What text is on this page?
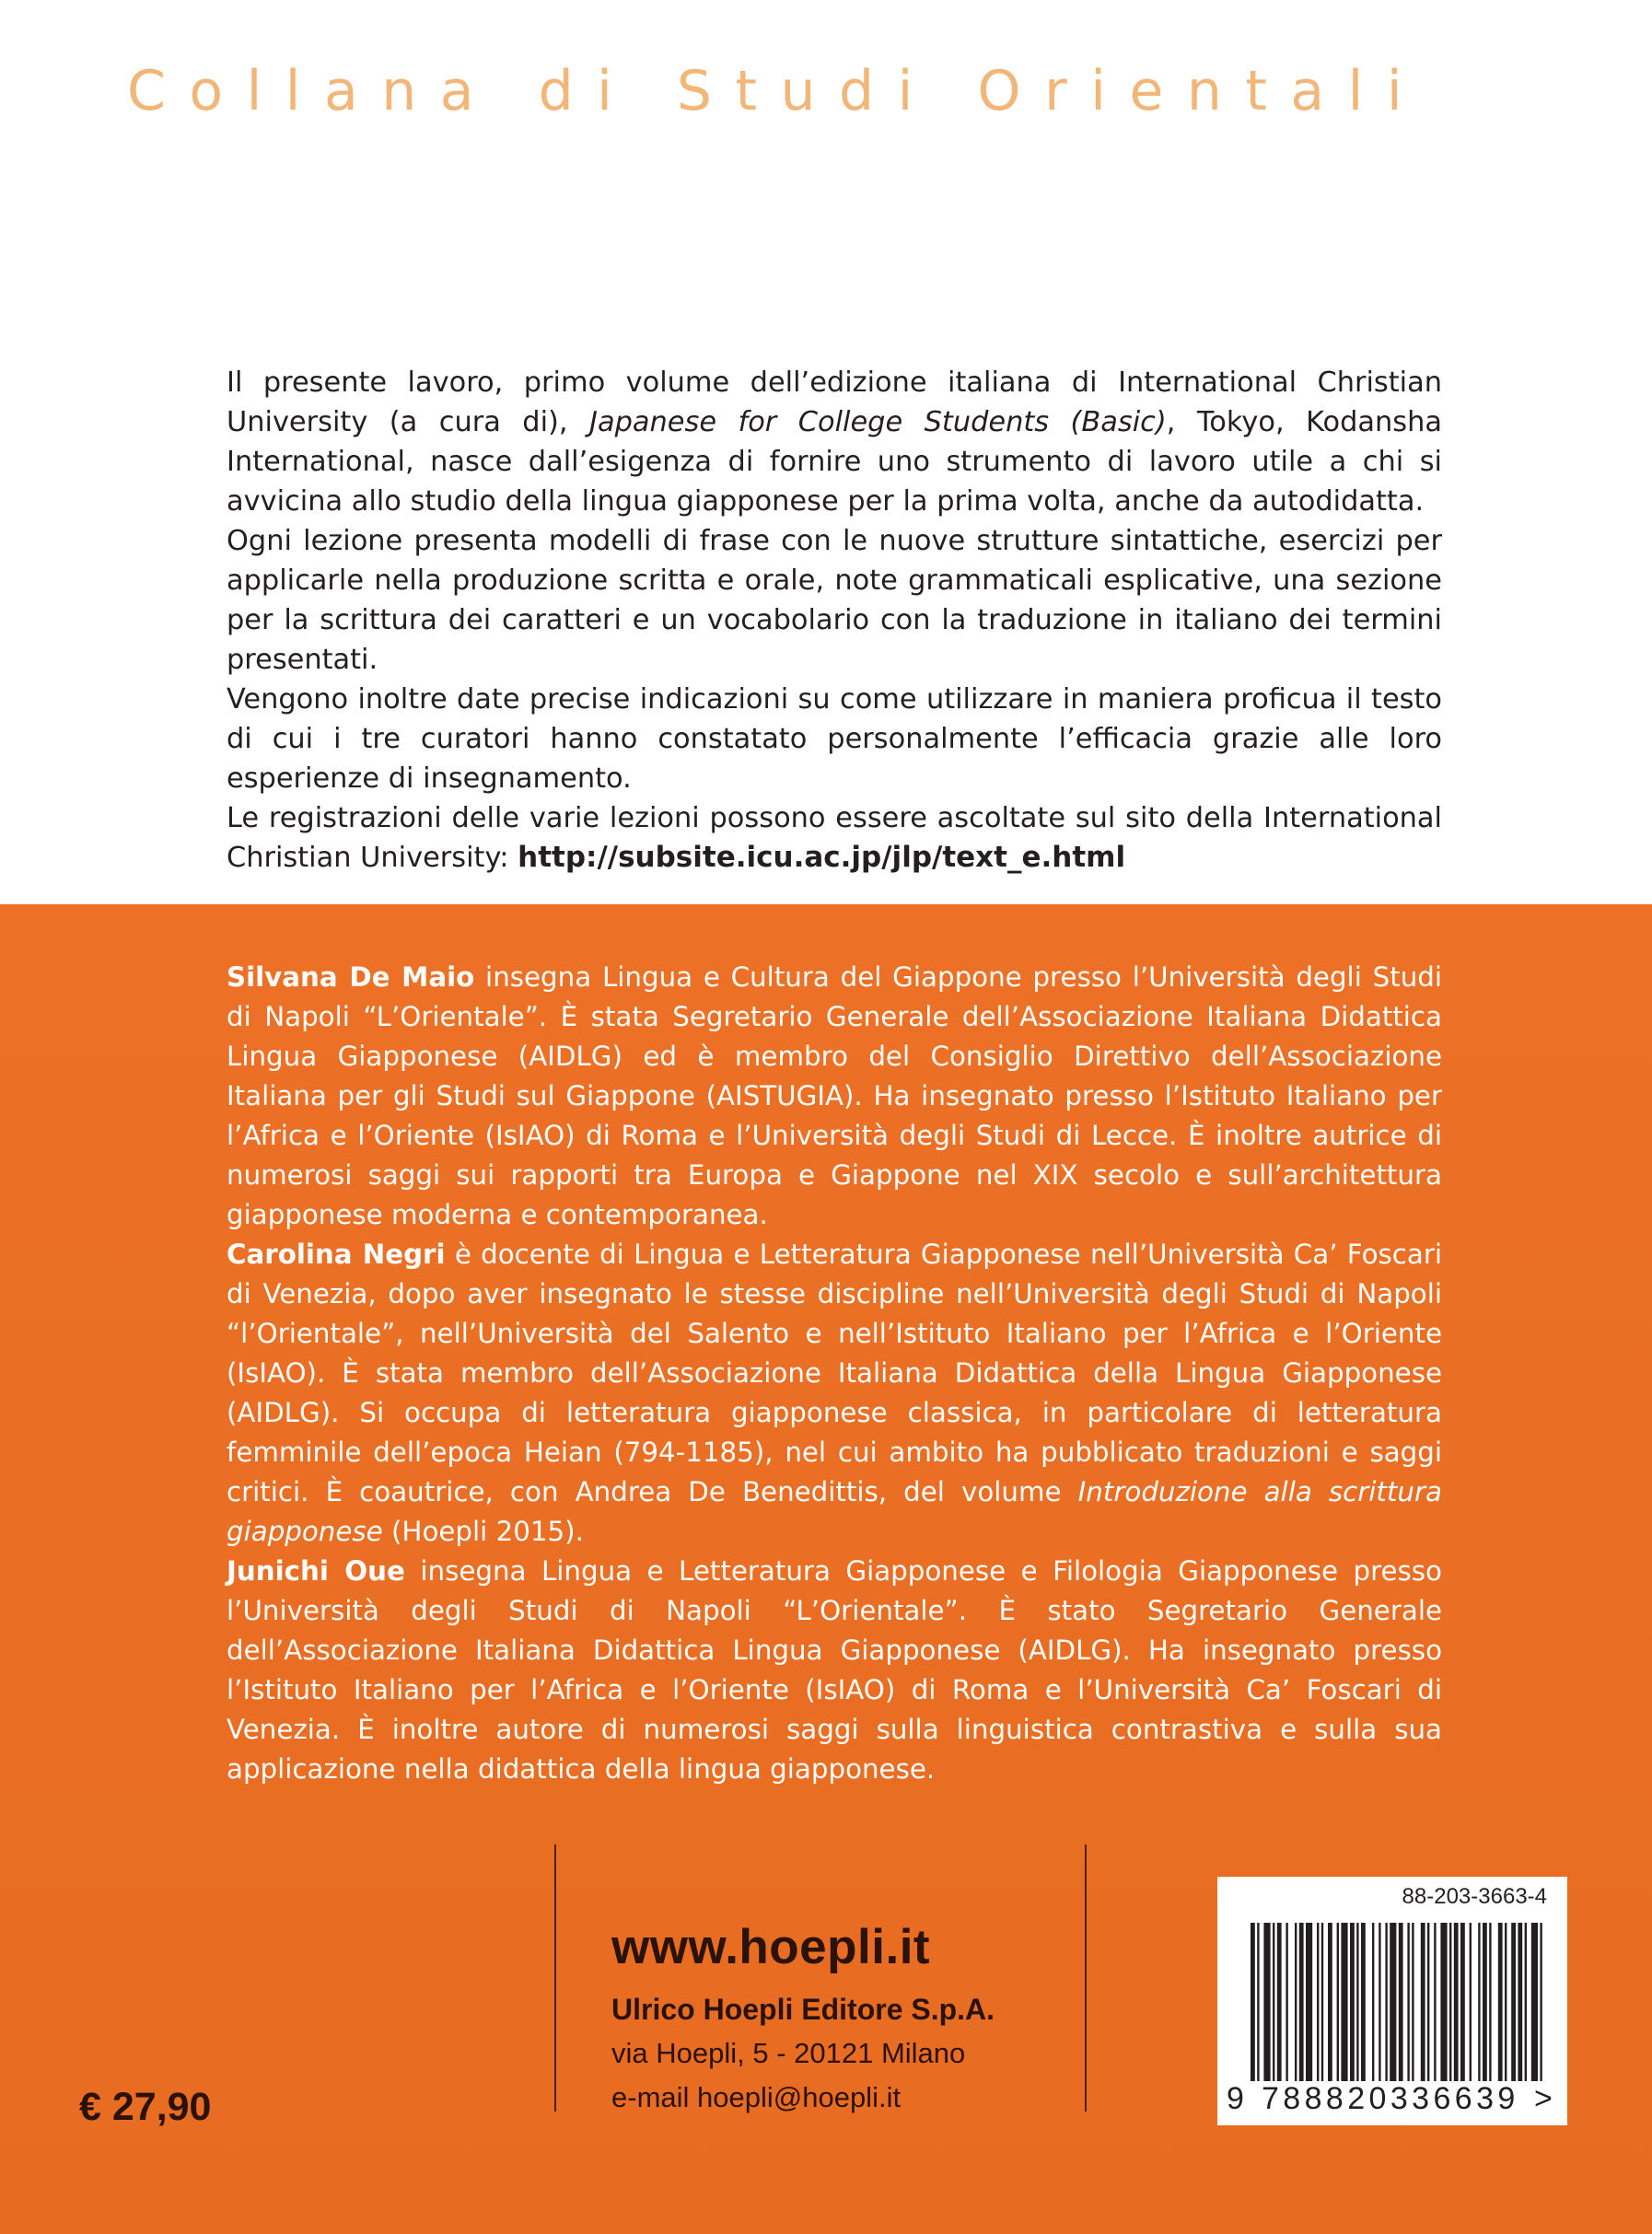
Collana di Studi Orientali

Il presente lavoro, primo volume dell’edizione italiana di International Christian University (a cura di), Japanese for College Students (Basic), Tokyo, Kodansha International, nasce dall’esigenza di fornire uno strumento di lavoro utile a chi si avvicina allo studio della lingua giapponese per la prima volta, anche da autodidatta.

Ogni lezione presenta modelli di frase con le nuove strutture sintattiche, esercizi per applicarle nella produzione scritta e orale, note grammaticali esplicative, una sezione per la scrittura dei caratteri e un vocabolario con la traduzione in italiano dei termini presentati.

Vengono inoltre date precise indicazioni su come utilizzare in maniera proficua il testo di cui i tre curatori hanno constatato personalmente l’efficacia grazie alle loro esperienze di insegnamento.

Le registrazioni delle varie lezioni possono essere ascoltate sul sito della International Christian University: http://subsite.icu.ac.jp/jlp/text_e.html

Silvana De Maio insegna Lingua e Cultura del Giappone presso l’Università degli Studi di Napoli “L’Orientale”. È stata Segretario Generale dell’Associazione Italiana Didattica Lingua Giapponese (AIDLG) ed è membro del Consiglio Direttivo dell’Associazione Italiana per gli Studi sul Giappone (AISTUGIA). Ha insegnato presso l’Istituto Italiano per l’Africa e l’Oriente (IsIAO) di Roma e l’Università degli Studi di Lecce. È inoltre autrice di numerosi saggi sui rapporti tra Europa e Giappone nel XIX secolo e sull’architettura giapponese moderna e contemporanea.

Carolina Negri è docente di Lingua e Letteratura Giapponese nell’Università Ca’ Foscari di Venezia, dopo aver insegnato le stesse discipline nell’Università degli Studi di Napoli “l’Orientale”, nell’Università del Salento e nell’Istituto Italiano per l’Africa e l’Oriente (IsIAO). È stata membro dell’Associazione Italiana Didattica della Lingua Giapponese (AIDLG). Si occupa di letteratura giapponese classica, in particolare di letteratura femminile dell’epoca Heian (794-1185), nel cui ambito ha pubblicato traduzioni e saggi critici. È coautrice, con Andrea De Benedittis, del volume Introduzione alla scrittura giapponese (Hoepli 2015).

Junichi Oue insegna Lingua e Letteratura Giapponese e Filologia Giapponese presso l’Università degli Studi di Napoli “L’Orientale”. È stato Segretario Generale dell’Associazione Italiana Didattica Lingua Giapponese (AIDLG). Ha insegnato presso l’Istituto Italiano per l’Africa e l’Oriente (IsIAO) di Roma e l’Università Ca’ Foscari di Venezia. È inoltre autore di numerosi saggi sulla linguistica contrastiva e sulla sua applicazione nella didattica della lingua giapponese.

www.hoepli.it
Ulrico Hoepli Editore S.p.A.
via Hoepli, 5 - 20121 Milano
e-mail hoepli@hoepli.it
€ 27,90
88-203-3663-4
9 788820336639 >
